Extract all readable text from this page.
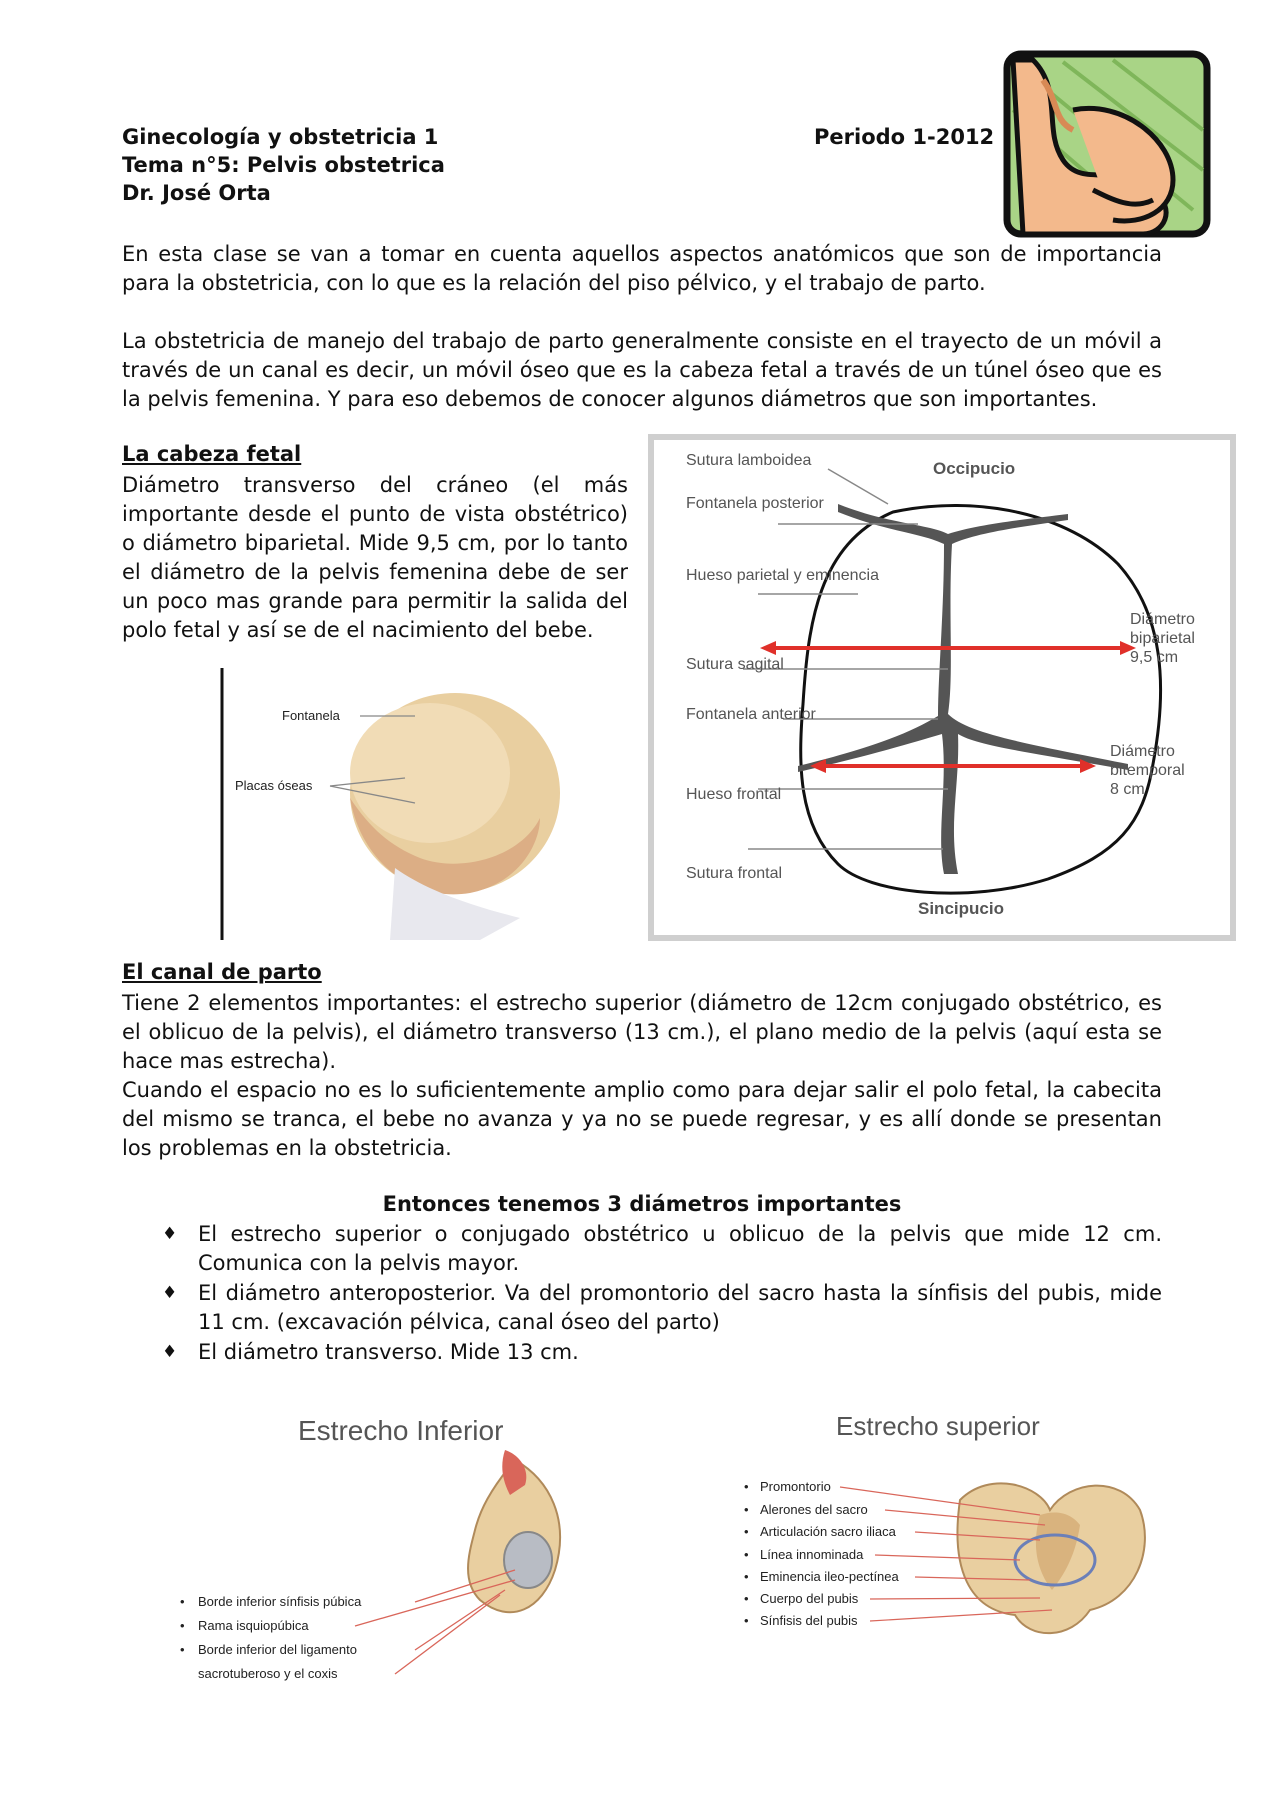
Ginecología y obstetricia 1	Periodo 1-2012
Tema n°5: Pelvis obstetrica
Dr. José Orta
En esta clase se van a tomar en cuenta aquellos aspectos anatómicos que son de importancia para la obstetricia, con lo que es la relación del piso pélvico, y el trabajo de parto.
La obstetricia de manejo del trabajo de parto generalmente consiste en el trayecto de un móvil a través de un canal es decir, un móvil óseo que es la cabeza fetal a través de un túnel óseo que es la pelvis femenina. Y para eso debemos de conocer algunos diámetros que son importantes.
La cabeza fetal
Diámetro transverso del cráneo (el más importante desde el punto de vista obstétrico) o diámetro biparietal. Mide 9,5 cm, por lo tanto el diámetro de la pelvis femenina debe de ser un poco mas grande para permitir la salida del polo fetal y así se de el nacimiento del bebe.
Occipucio
Sincipucio
Sutura lamboidea
Fontanela posterior
Hueso parietal y eminencia
Sutura sagital
Fontanela anterior
Hueso frontal
Sutura frontal
Diámetro
biparietal
9,5 cm
Diámetro
bitemporal
8 cm
Fontanela
Placas óseas
El canal de parto
Tiene 2 elementos importantes: el estrecho superior (diámetro de 12cm conjugado obstétrico, es el oblicuo de la pelvis), el diámetro transverso (13 cm.), el plano medio de la pelvis (aquí esta se hace mas estrecha).
Cuando el espacio no es lo suficientemente amplio como para dejar salir el polo fetal, la cabecita del mismo se tranca, el bebe no avanza y ya no se puede regresar, y es allí donde se presentan los problemas en la obstetricia.
Entonces tenemos 3 diámetros importantes
♦ El estrecho superior o conjugado obstétrico u oblicuo de la pelvis que mide 12 cm. Comunica con la pelvis mayor.
♦ El diámetro anteroposterior. Va del promontorio del sacro hasta la sínfisis del pubis, mide 11 cm. (excavación pélvica, canal óseo del parto)
♦ El diámetro transverso. Mide 13 cm.
Estrecho Inferior
• Borde inferior sínfisis púbica
• Rama isquiopúbica
• Borde inferior del ligamento
sacrotuberoso y el coxis
Estrecho superior
• Promontorio
• Alerones del sacro
• Articulación sacro iliaca
• Línea innominada
• Eminencia ileo-pectínea
• Cuerpo del pubis
• Sínfisis del pubis
